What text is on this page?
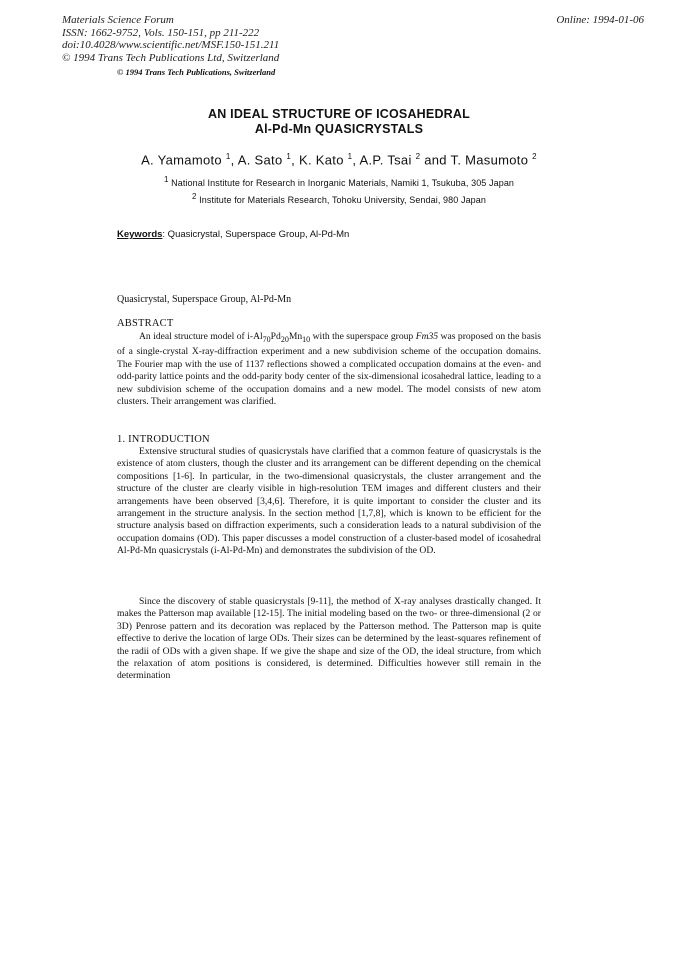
Materials Science Forum
ISSN: 1662-9752, Vols. 150-151, pp 211-222
doi:10.4028/www.scientific.net/MSF.150-151.211
© 1994 Trans Tech Publications Ltd, Switzerland
Online: 1994-01-06
© 1994 Trans Tech Publications, Switzerland
AN IDEAL STRUCTURE OF ICOSAHEDRAL
Al-Pd-Mn QUASICRYSTALS
A. Yamamoto $^1$, A. Sato $^1$, K. Kato $^1$, A.P. Tsai $^2$ and T. Masumoto $^2$
$^1$ National Institute for Research in Inorganic Materials, Namiki 1, Tsukuba, 305 Japan
$^2$ Institute for Materials Research, Tohoku University, Sendai, 980 Japan
Keywords: Quasicrystal, Superspace Group, Al-Pd-Mn
Quasicrystal, Superspace Group, Al-Pd-Mn
ABSTRACT

An ideal structure model of $i-Al_{70}Pd_{20}Mn_{10}$ with the superspace group Fm35 was proposed on the basis of a single-crystal X-ray-diffraction experiment and a new subdivision scheme of the occupation domains. The Fourier map with the use of 1137 reflections showed a complicated occupation domains at the even- and odd-parity lattice points and the odd-parity body center of the six-dimensional icosahedral lattice, leading to a new subdivision scheme of the occupation domains and a new model. The model consists of new atom clusters. Their arrangement was clarified.

1. INTRODUCTION

Extensive structural studies of quasicrystals have clarified that a common feature of quasicrystals is the existence of atom clusters, though the cluster and its arrangement can be different depending on the chemical compositions [1-6]. In particular, in the two-dimensional quasicrystals, the cluster arrangement and the structure of the cluster are clearly visible in high-resolution TEM images and different clusters and their arrangements have been observed [3,4,6]. Therefore, it is quite important to consider the cluster and its arrangement in the structure analysis. In the section method [1,7,8], which is known to be efficient for the structure analysis based on diffraction experiments, such a consideration leads to a natural subdivision of the occupation domains (OD). This paper discusses a model construction of a cluster-based model of icosahedral Al-Pd-Mn quasicrystals (i-Al-Pd-Mn) and demonstrates the subdivision of the OD.

Since the discovery of stable quasicrystals [9-11], the method of X-ray analyses drastically changed. It makes the Patterson map available [12-15]. The initial modeling based on the two- or three-dimensional (2 or 3D) Penrose pattern and its decoration was replaced by the Patterson method. The Patterson map is quite effective to derive the location of large ODs. Their sizes can be determined by the least-squares refinement of the radii of ODs with a given shape. If we give the shape and size of the OD, the ideal structure, from which the relaxation of atom positions is considered, is determined. Difficulties however still remain in the determination
